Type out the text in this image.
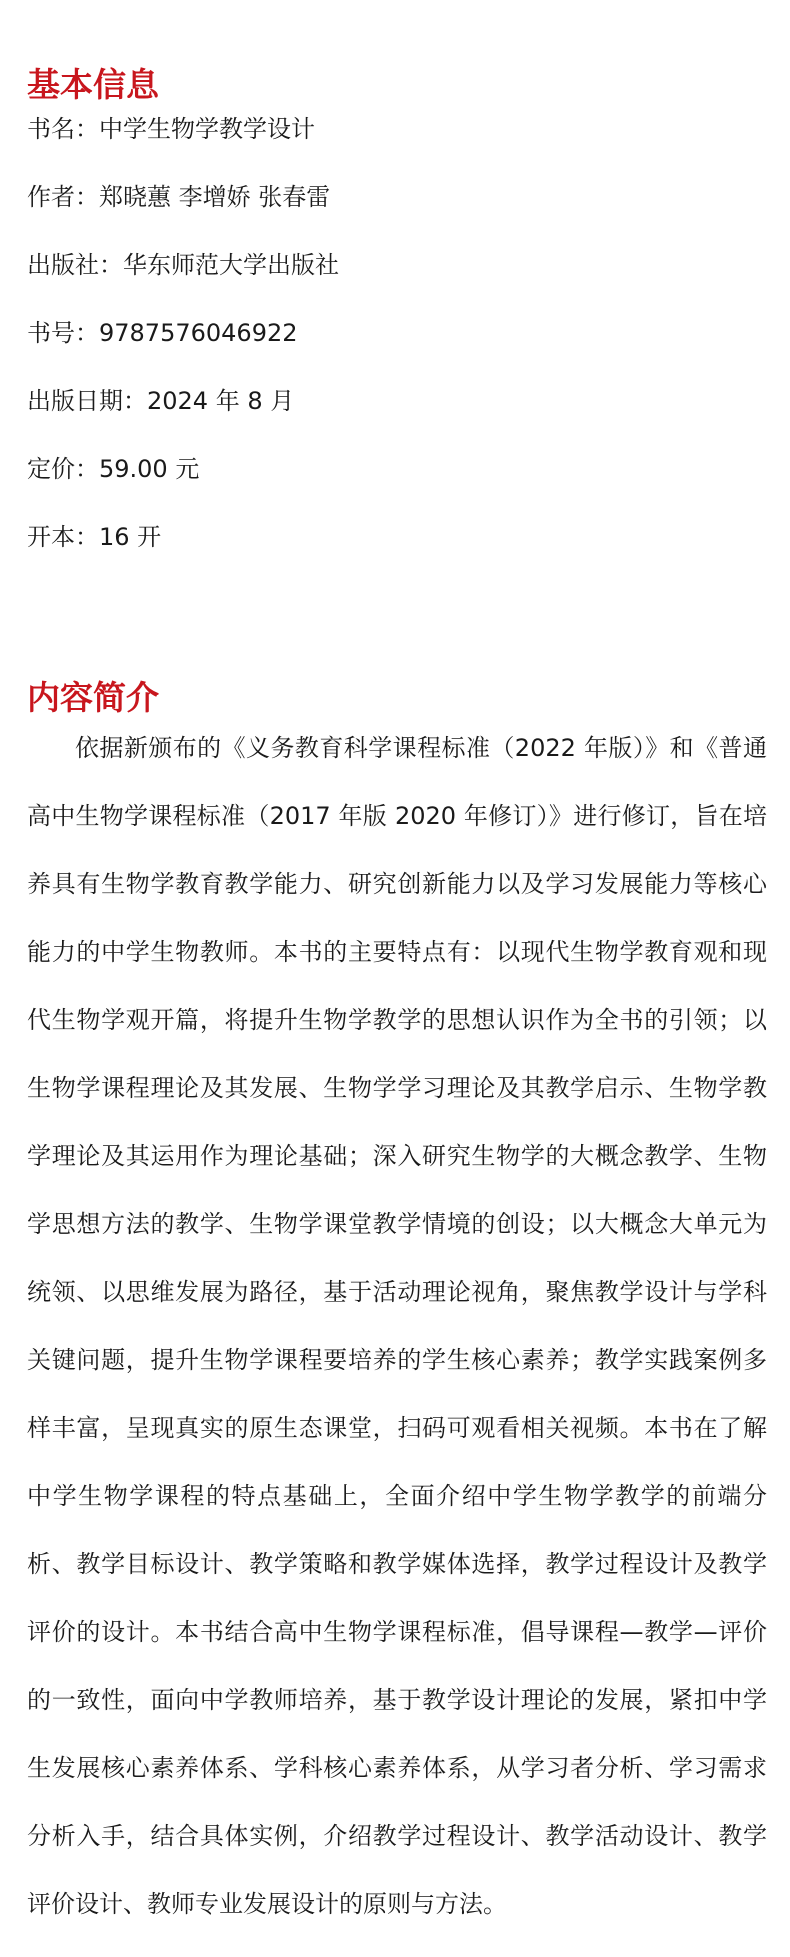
基本信息
书名：中学生物学教学设计
作者：郑晓蕙 李增娇 张春雷
出版社：华东师范大学出版社
书号：9787576046922
出版日期：2024 年 8 月
定价：59.00 元
开本：16 开
内容简介

依据新颁布的《义务教育科学课程标准（2022 年版）》和《普通高中生物学课程标准（2017 年版 2020 年修订）》进行修订，旨在培养具有生物学教育教学能力、研究创新能力以及学习发展能力等核心能力的中学生物教师。本书的主要特点有：以现代生物学教育观和现代生物学观开篇，将提升生物学教学的思想认识作为全书的引领；以生物学课程理论及其发展、生物学学习理论及其教学启示、生物学教学理论及其运用作为理论基础；深入研究生物学的大概念教学、生物学思想方法的教学、生物学课堂教学情境的创设；以大概念大单元为统领、以思维发展为路径，基于活动理论视角，聚焦教学设计与学科关键问题，提升生物学课程要培养的学生核心素养；教学实践案例多样丰富，呈现真实的原生态课堂，扫码可观看相关视频。本书在了解中学生物学课程的特点基础上，全面介绍中学生物学教学的前端分析、教学目标设计、教学策略和教学媒体选择，教学过程设计及教学评价的设计。本书结合高中生物学课程标准，倡导课程—教学—评价的一致性，面向中学教师培养，基于教学设计理论的发展，紧扣中学生发展核心素养体系、学科核心素养体系，从学习者分析、学习需求分析入手，结合具体实例，介绍教学过程设计、教学活动设计、教学评价设计、教师专业发展设计的原则与方法。
